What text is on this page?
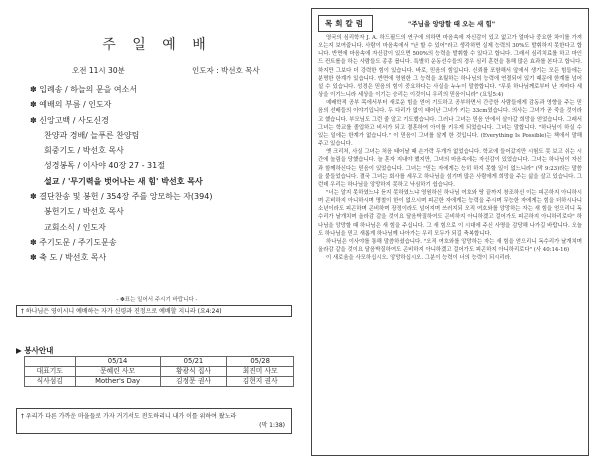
주 일 예 배
오전 11시 30분	인도자 : 박선호 목사
✽ 입례송 / 하늘의 문을 여소서
✽ 예배의 부름 / 인도자
✽ 신앙고백 / 사도신경
찬양과 경배/ 늘푸른 찬양팀
회중기도 / 박선호 목사
성경봉독 / 이사야 40장 27 - 31절
설교 / '무기력을 벗어나는 새 힘' 박선호 목사
✽ 결단찬송 및 봉헌 / 354장 주를 앙모하는 자(394)
봉헌기도 / 박선호 목사
교회소식 / 인도자
✽ 주기도문 / 주기도문송
✽ 축 도 / 박선호 목사
- ✽표는 일어서 주시기 바랍니다 -
† 하나님은 영이시니 예배하는 자가 신령과 진정으로 예배할 지니라 (요4:24)
▶ 봉사안내
	05/14	05/21	05/28
대표기도	문혜린 사모	황광식 집사	최진미 사모
식사섬김	Mother's Day	김정문 권사	김현지 권사
† 우리가 다른 가까운 마을들로 가자 거기서도 전도하리니 내가 이를 위하여 왔노라
(막 1:38)
목회칼럼	"주님을 앙망할 때 오는 새 힘"

영국의 심리학자 J. A. 하드필드의 연구에 의하면 마음속에 자신감이 있고 없고가 얼마나 중요한 차이를 가져오는지 보여줍니다. 사람이 마음속에서 "난 할 수 있어"라고 생각하면 실제 능력의 30%도 발휘하지 못한다고 합니다. 반면에 마음속에 자신감이 있으면 500%의 능력을 발휘할 수 있다고 합니다. 그래서 심리치료를 하고 마인드 컨트롤을 하는 사람들도 종종 봅니다. 특별히 운동선수들의 경우 심리 훈련을 통해 많은 효과를 본다고 합니다. 하지만 그보다 더 강력한 힘이 있습니다. 바로, 믿음의 힘입니다. 신뢰를 포함해서 앞에서 생기는 모든 힘들에는 분명한 한계가 있습니다. 반면에 영원한 그 능력을 초월하는 하나님의 능력에 연결되어 있기 때문에 한계를 넘어설 수 있습니다. 성경은 믿음의 힘이 중요하다는 사실을 누누이 말씀합니다. "무릇 하나님께로부터 난 자마다 세상을 이기느니라 세상을 이기는 승리는 이것이니 우리의 믿음이니라" (요일5:4)

예배학적 공부 목에서부터 새로운 힘을 얻어 기도하고 공부하면서 간증한 사람들에게 감동과 영향을 주는 믿음의 선배들의 이야기입니다. 두 다리가 없이 태어난 그녀가 키는 33cm였습니다. 의사는 그녀가 곧 죽을 것이라고 했습니다. 부모님도 그런 줄 알고 기도했습니다. 그러나 그녀는 믿음 안에서 살아갈 희망을 얻었습니다. 그래서 그녀는 학교를 졸업하고 비서가 되고 결혼하여 아이를 키우게 되었습니다. 그녀는 말합니다. "하나님이 하실 수 있는 일에는 한계가 없습니다." 이 믿음이 그녀를 살게 한 것입니다. (Everything Is Possible)는 책에서 말해 주고 있습니다.

옛 크리처, 사실 그녀는 처음 태어날 때 손가락 두개가 없었습니다. 학교에 들어갔지만 시험도 못 보고 쉬는 시간에 놀림을 당했습니다. 늘 혼자 지내야 했지만, 그녀의 마음속에는 자신감이 있었습니다. 그녀는 하나님이 자신과 함께하신다는 믿음이 있었습니다. 그녀는 "믿는 자에게는 능히 하지 못할 일이 없느니라" (막 9:23)라는 말씀을 붙들었습니다. 결국 그녀는 회사를 세우고 하나님을 섬기며 많은 사람에게 희망을 주는 삶을 살고 있습니다. 그런데 우리는 하나님을 앙망하지 못하고 낙심하기 쉽습니다.

"너는 알지 못하였느냐 듣지 못하였느냐 영원하신 하나님 여호와 땅 끝까지 창조하신 이는 피곤하지 아니하시며 곤비하지 아니하시며 명철이 한이 없으시며 피곤한 자에게는 능력을 주시며 무능한 자에게는 힘을 더하시나니 소년이라도 피곤하며 곤비하며 장정이라도 넘어지며 쓰러지되 오직 여호와를 앙망하는 자는 새 힘을 얻으리니 독수리가 날개치며 올라감 같을 것이요 달음박질하여도 곤비하지 아니하겠고 걸어가도 피곤하지 아니하리로다" 하나님을 앙망할 때 하나님은 새 힘을 주십니다. 그 새 힘으로 이 시대에 주신 사명을 감당해 나가길 바랍니다. 오늘도 하나님을 믿고 새롭게 하나님께 나아가는 우리 모두가 되길 축복합니다.

하나님은 이사야를 통해 말씀하셨습니다. "오직 여호와를 앙망하는 자는 새 힘을 얻으리니 독수리가 날개치며 올라감 같을 것이요 달음박질하여도 곤비하지 아니하겠고 걸어가도 피곤하지 아니하리로다" (사 40:14-16)

이 새로움을 사모하십시오. 앙망하십시오. 그분이 능력이 너의 능력이 되시리라.
